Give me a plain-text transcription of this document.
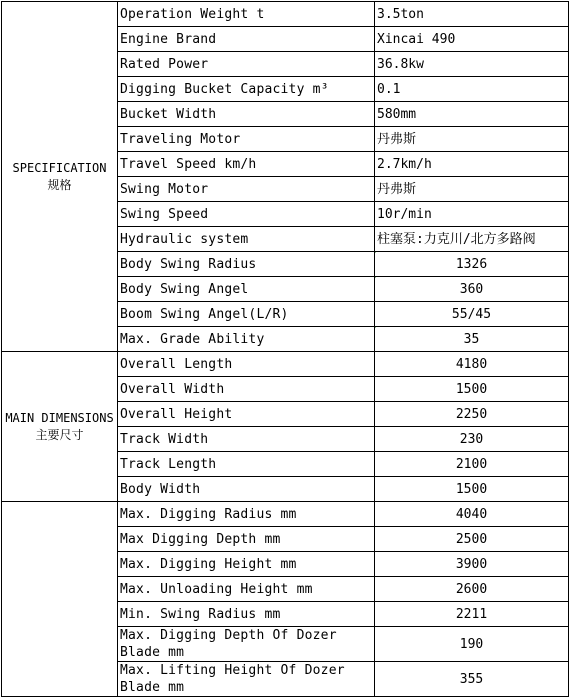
SPECIFICATION 规格	Operation Weight t	3.5ton
	Engine Brand	Xincai 490
	Rated Power	36.8kw
	Digging Bucket Capacity m³	0.1
	Bucket Width	580mm
	Traveling Motor	丹弗斯
	Travel Speed km/h	2.7km/h
	Swing Motor	丹弗斯
	Swing Speed	10r/min
	Hydraulic system	柱塞泵:力克川/北方多路阀
	Body Swing Radius	1326

	Body Swing Angel	360

	Boom Swing Angel(L/R)	55/45
	Max. Grade Ability	35

MAIN DIMENSIONS 主要尺寸	Overall Length	4180
	Overall Width	1500
	Overall Height	2250
	Track Width	230
	Track Length	2100
	Body Width	1500
	Max. Digging Radius mm	4040
	Max Digging Depth mm	2500
	Max. Digging Height mm	3900
	Max. Unloading Height mm	2600
	Min. Swing Radius mm	2211
	Max. Digging Depth Of Dozer Blade mm	190
	Max. Lifting Height Of Dozer Blade mm	355
